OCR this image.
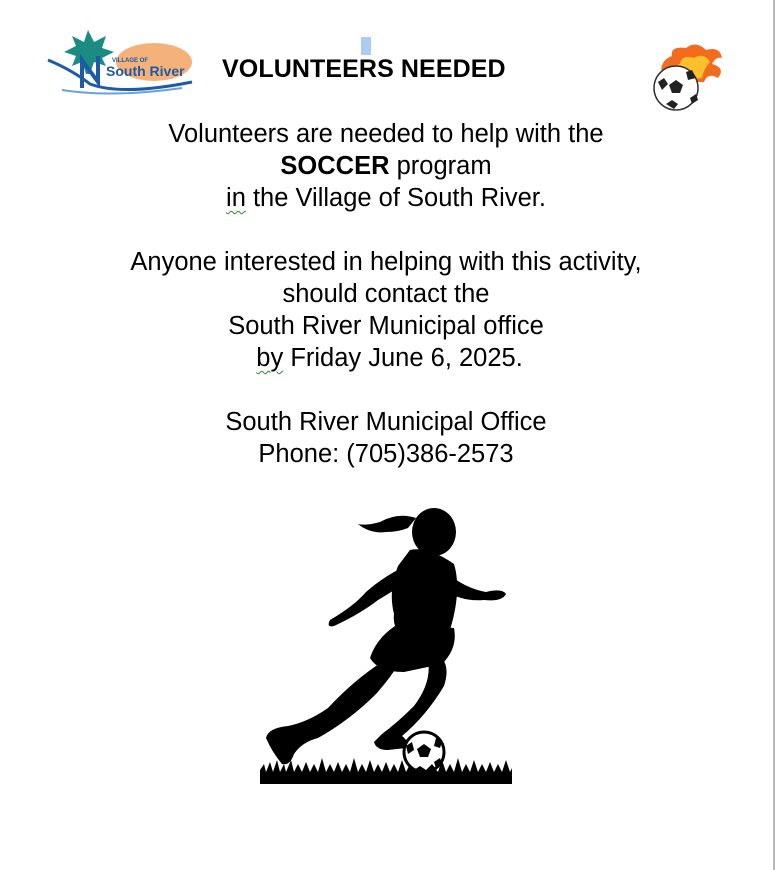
VILLAGE OF
South River VOLUNTEERS NEEDED

Volunteers are needed to help with the

SOCCER program

in the Village of South River.

Anyone interested in helping with this activity,

should contact the

South River Municipal office

by Friday June 6, 2025.

South River Municipal Office

Phone: (705)386-2573
